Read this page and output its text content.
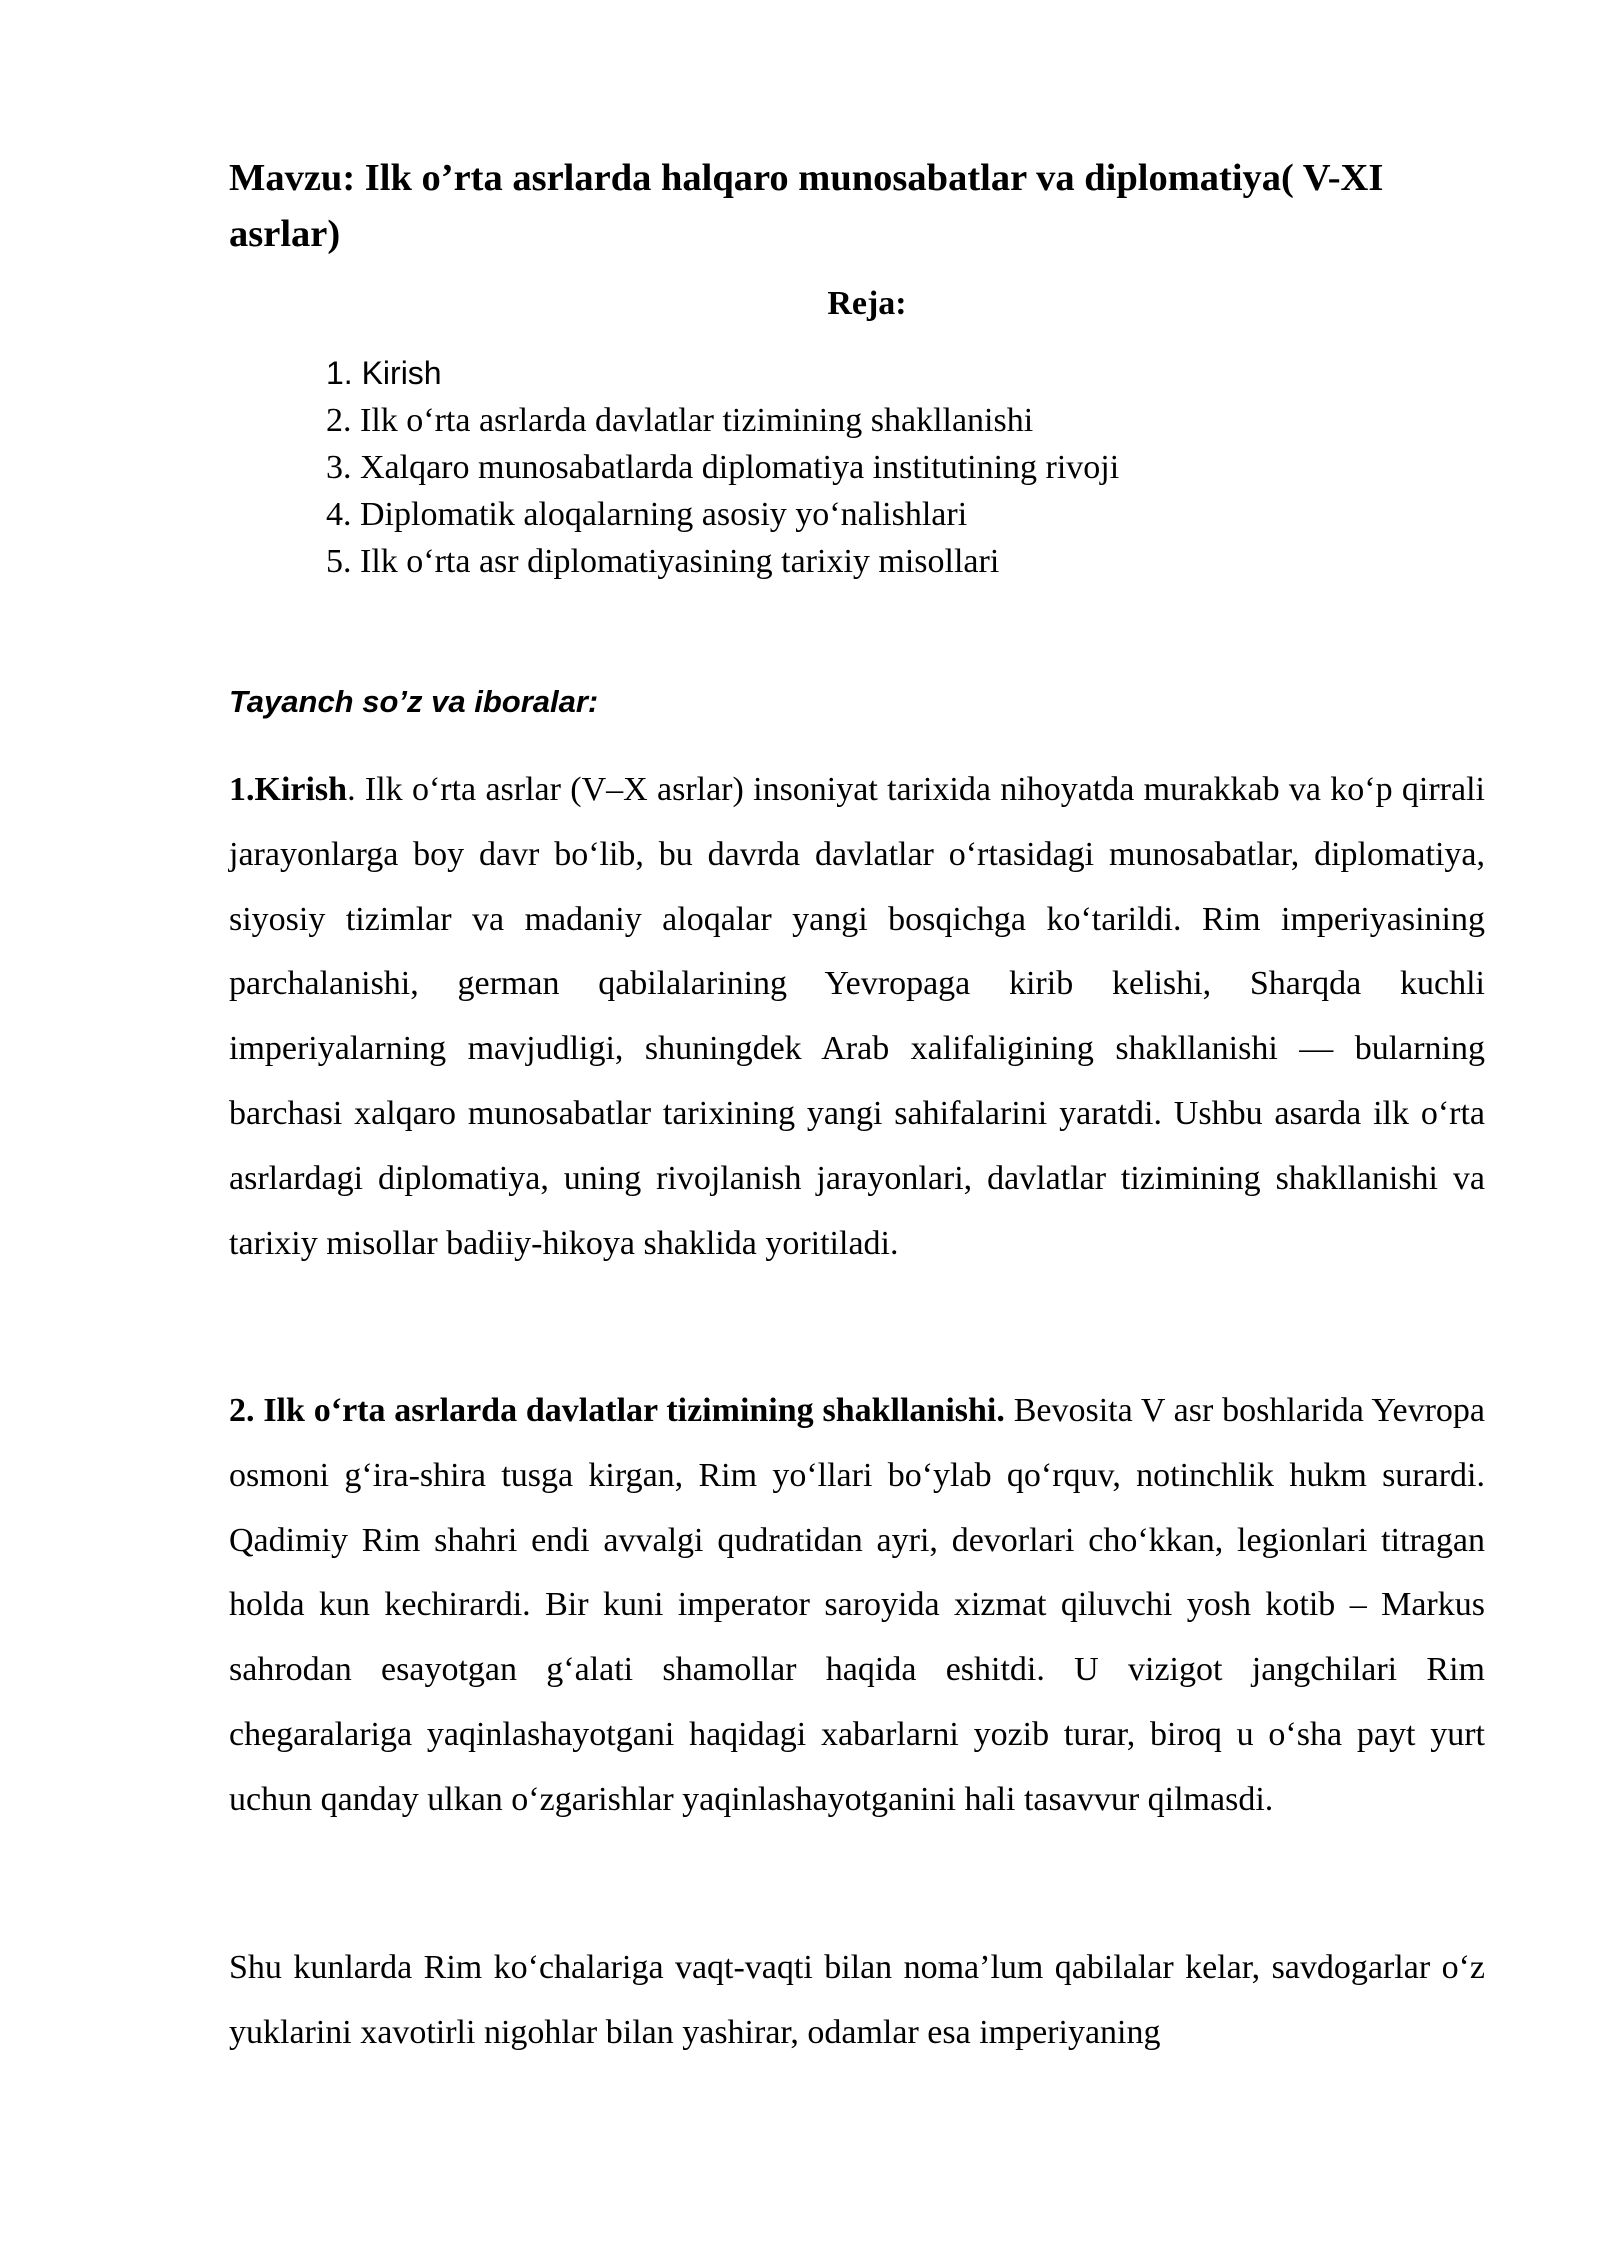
Mavzu: Ilk o’rta asrlarda halqaro munosabatlar va diplomatiya( V-XI asrlar)
Reja:
1. Kirish
2. Ilk o‘rta asrlarda davlatlar tizimining shakllanishi
3. Xalqaro munosabatlarda diplomatiya institutining rivoji
4. Diplomatik aloqalarning asosiy yo‘nalishlari
5. Ilk o‘rta asr diplomatiyasining tarixiy misollari

Tayanch so’z va iboralar:

1.Kirish. Ilk o‘rta asrlar (V–X asrlar) insoniyat tarixida nihoyatda murakkab va ko‘p qirrali jarayonlarga boy davr bo‘lib, bu davrda davlatlar o‘rtasidagi munosabatlar, diplomatiya, siyosiy tizimlar va madaniy aloqalar yangi bosqichga ko‘tarildi. Rim imperiyasining parchalanishi, german qabilalarining Yevropaga kirib kelishi, Sharqda kuchli imperiyalarning mavjudligi, shuningdek Arab xalifaligining shakllanishi — bularning barchasi xalqaro munosabatlar tarixining yangi sahifalarini yaratdi. Ushbu asarda ilk o‘rta asrlardagi diplomatiya, uning rivojlanish jarayonlari, davlatlar tizimining shakllanishi va tarixiy misollar badiiy-hikoya shaklida yoritiladi.

2. Ilk o‘rta asrlarda davlatlar tizimining shakllanishi. Bevosita V asr boshlarida Yevropa osmoni g‘ira-shira tusga kirgan, Rim yo‘llari bo‘ylab qo‘rquv, notinchlik hukm surardi. Qadimiy Rim shahri endi avvalgi qudratidan ayri, devorlari cho‘kkan, legionlari titragan holda kun kechirardi. Bir kuni imperator saroyida xizmat qiluvchi yosh kotib – Markus sahrodan esayotgan g‘alati shamollar haqida eshitdi. U vizigot jangchilari Rim chegaralariga yaqinlashayotgani haqidagi xabarlarni yozib turar, biroq u o‘sha payt yurt uchun qanday ulkan o‘zgarishlar yaqinlashayotganini hali tasavvur qilmasdi.

Shu kunlarda Rim ko‘chalariga vaqt-vaqti bilan noma’lum qabilalar kelar, savdogarlar o‘z yuklarini xavotirli nigohlar bilan yashirar, odamlar esa imperiyaning
